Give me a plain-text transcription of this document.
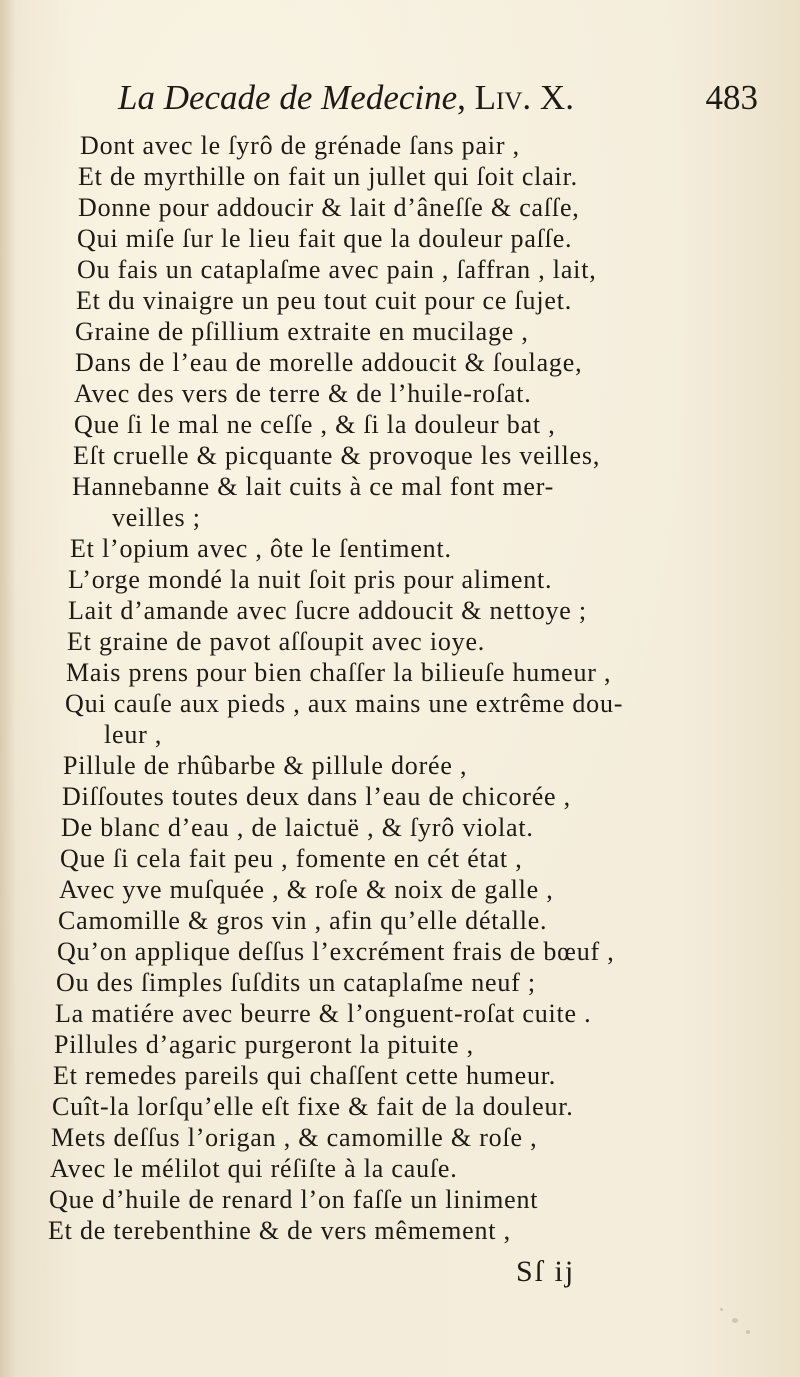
La Decade de Medecine, Liv. X.	483
Dont avec le ſyrô de grénade ſans pair ,
Et de myrthille on fait un jullet qui ſoit clair.
Donne pour addoucir & lait d’âneſſe & caſſe,
Qui miſe ſur le lieu fait que la douleur paſſe.
Ou fais un cataplaſme avec pain , ſaffran , lait,
Et du vinaigre un peu tout cuit pour ce ſujet.
Graine de pſillium extraite en mucilage ,
Dans de l’eau de morelle addoucit & ſoulage,
Avec des vers de terre & de l’huile-roſat.
Que ſi le mal ne ceſſe , & ſi la douleur bat ,
Eſt cruelle & picquante & provoque les veilles,
Hannebanne & lait cuits à ce mal font mer-
veilles ;
Et l’opium avec , ôte le ſentiment.
L’orge mondé la nuit ſoit pris pour aliment.
Lait d’amande avec ſucre addoucit & nettoye ;
Et graine de pavot aſſoupit avec ioye.
Mais prens pour bien chaſſer la bilieuſe humeur ,
Qui cauſe aux pieds , aux mains une extrême dou-
leur ,
Pillule de rhûbarbe & pillule dorée ,
Diſſoutes toutes deux dans l’eau de chicorée ,
De blanc d’eau , de laictuë , & ſyrô violat.
Que ſi cela fait peu , fomente en cét état ,
Avec yve muſquée , & roſe & noix de galle ,
Camomille & gros vin , afin qu’elle détalle.
Qu’on applique deſſus l’excrément frais de bœuf ,
Ou des ſimples ſuſdits un cataplaſme neuf ;
La matiére avec beurre & l’onguent-roſat cuite .
Pillules d’agaric purgeront la pituite ,
Et remedes pareils qui chaſſent cette humeur.
Cuît-la lorſqu’elle eſt fixe & fait de la douleur.
Mets deſſus l’origan , & camomille & roſe ,
Avec le mélilot qui réſiſte à la cauſe.
Que d’huile de renard l’on faſſe un liniment
Et de terebenthine & de vers mêmement ,
Sſ ij
